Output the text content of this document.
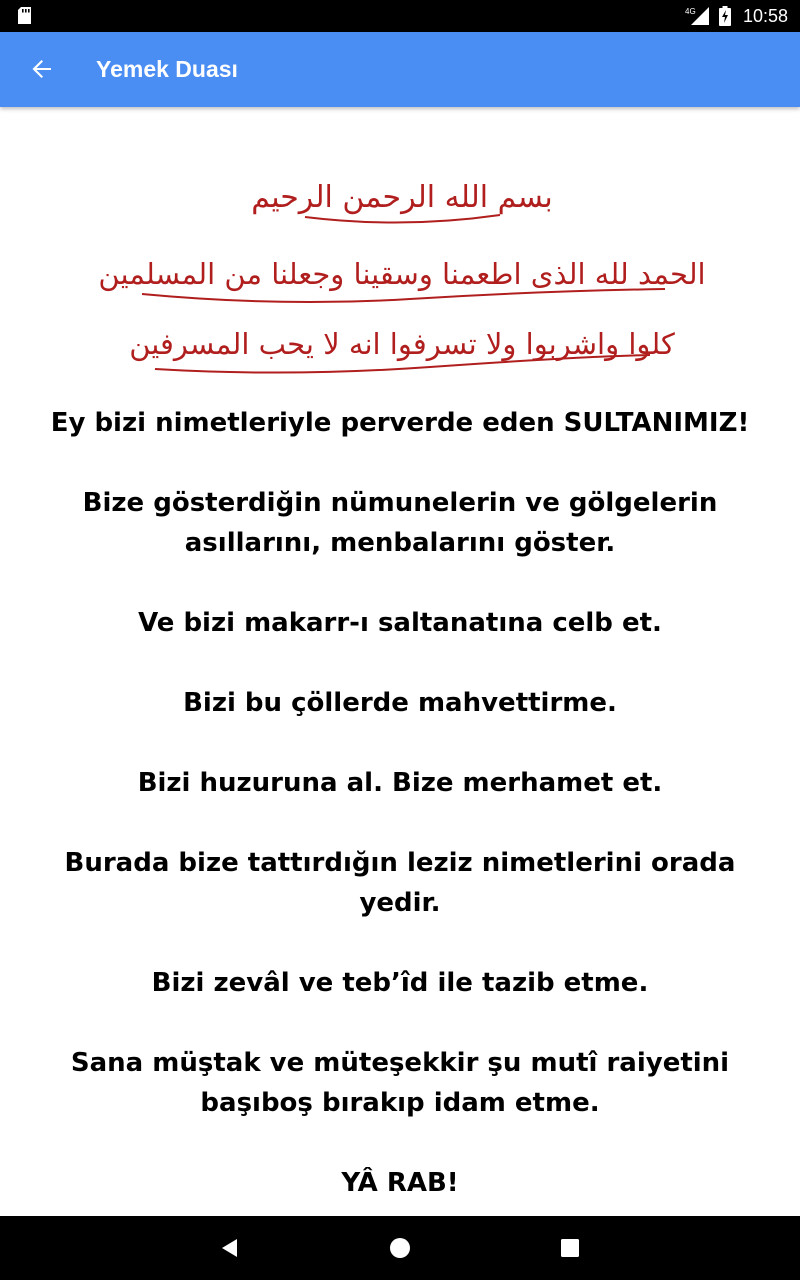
4G	10:58
Yemek Duası
بسم الله الرحمن الرحيم
الحمد لله الذى اطعمنا وسقينا وجعلنا من المسلمين
كلوا واشربوا ولا تسرفوا انه لا يحب المسرفين

Ey bizi nimetleriyle perverde eden SULTANIMIZ!

Bize gösterdiğin nümunelerin ve gölgelerin asıllarını, menbalarını göster.

Ve bizi makarr-ı saltanatına celb et.

Bizi bu çöllerde mahvettirme.

Bizi huzuruna al. Bize merhamet et.

Burada bize tattırdığın leziz nimetlerini orada yedir.

Bizi zevâl ve teb’îd ile tazib etme.

Sana müştak ve müteşekkir şu mutî raiyetini başıboş bırakıp idam etme.

YÂ RAB!
